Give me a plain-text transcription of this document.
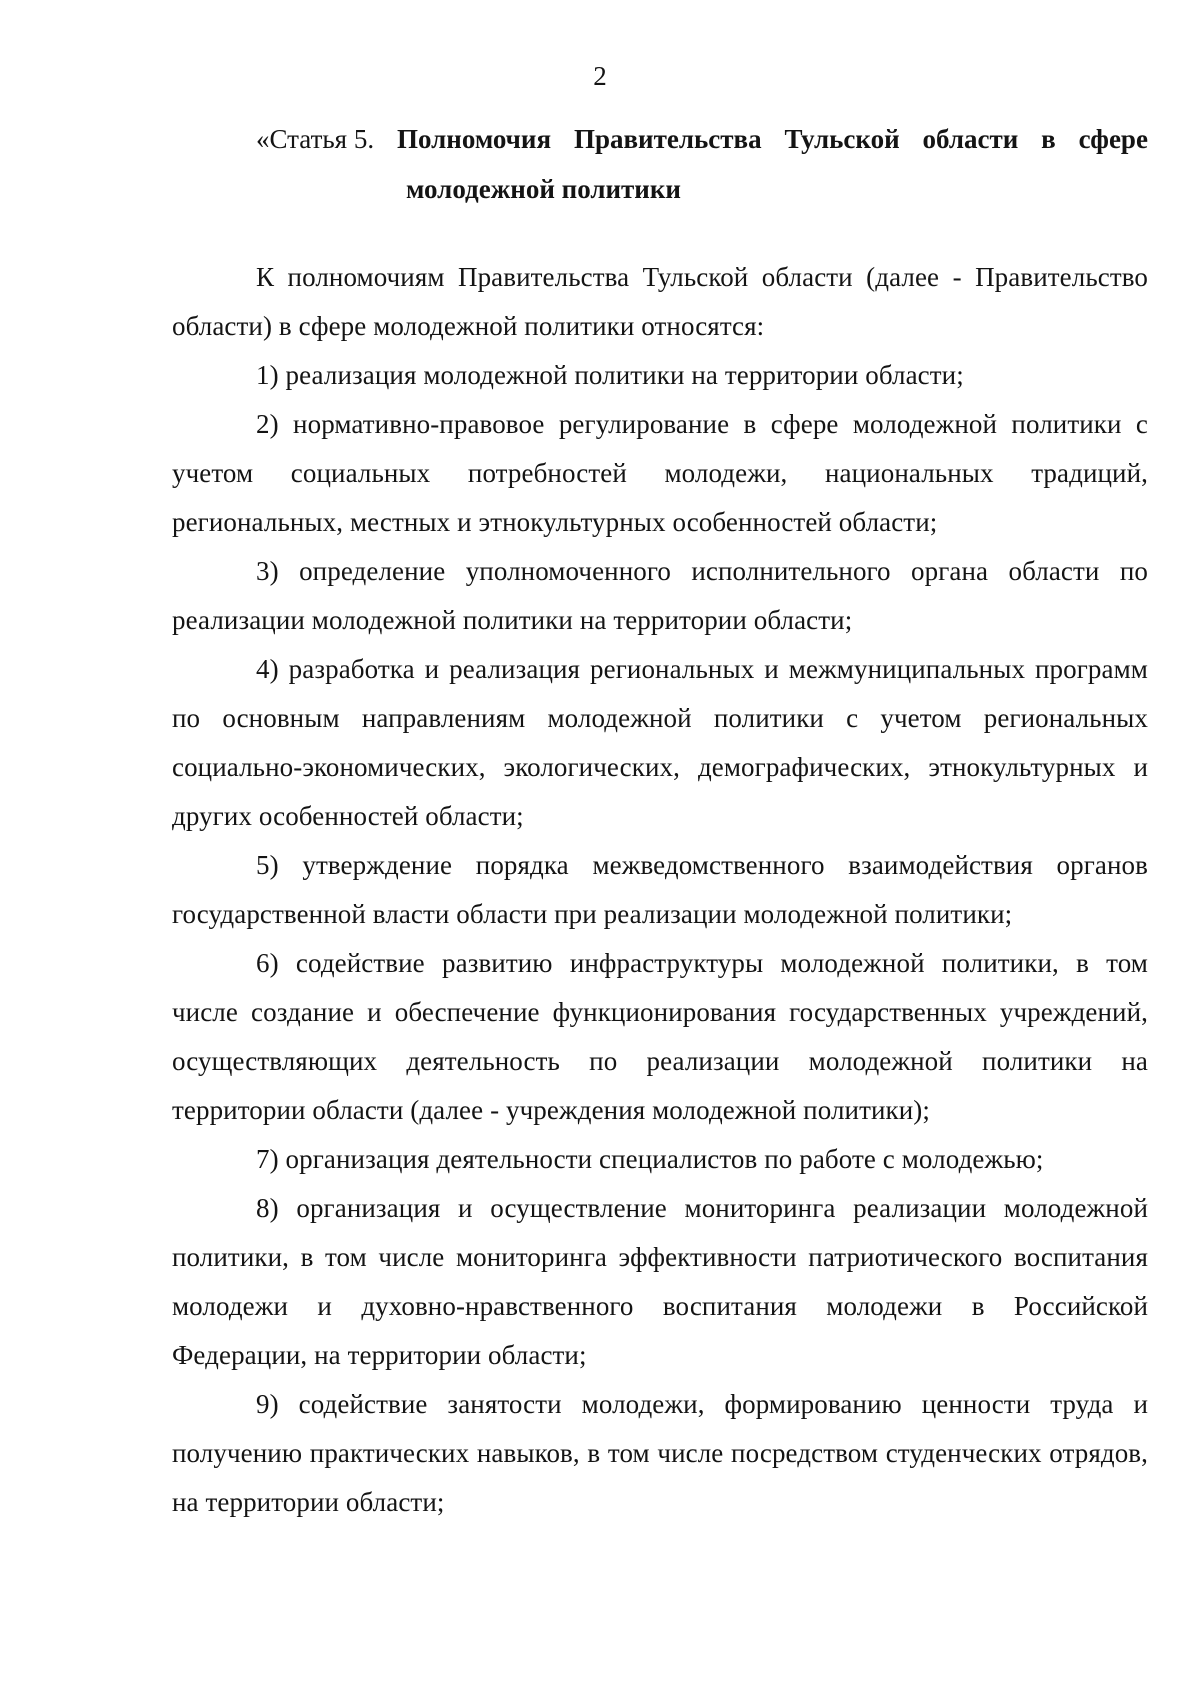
2

«Статья 5. Полномочия Правительства Тульской области в сфере
молодежной политики

К полномочиям Правительства Тульской области (далее - Правительство области) в сфере молодежной политики относятся:

1) реализация молодежной политики на территории области;

2) нормативно-правовое регулирование в сфере молодежной политики с учетом социальных потребностей молодежи, национальных традиций, региональных, местных и этнокультурных особенностей области;

3) определение уполномоченного исполнительного органа области по реализации молодежной политики на территории области;

4) разработка и реализация региональных и межмуниципальных программ по основным направлениям молодежной политики с учетом региональных социально-экономических, экологических, демографических, этнокультурных и других особенностей области;

5) утверждение порядка межведомственного взаимодействия органов государственной власти области при реализации молодежной политики;

6) содействие развитию инфраструктуры молодежной политики, в том числе создание и обеспечение функционирования государственных учреждений, осуществляющих деятельность по реализации молодежной политики на территории области (далее - учреждения молодежной политики);

7) организация деятельности специалистов по работе с молодежью;

8) организация и осуществление мониторинга реализации молодежной политики, в том числе мониторинга эффективности патриотического воспитания молодежи и духовно-нравственного воспитания молодежи в Российской Федерации, на территории области;

9) содействие занятости молодежи, формированию ценности труда и получению практических навыков, в том числе посредством студенческих отрядов, на территории области;
